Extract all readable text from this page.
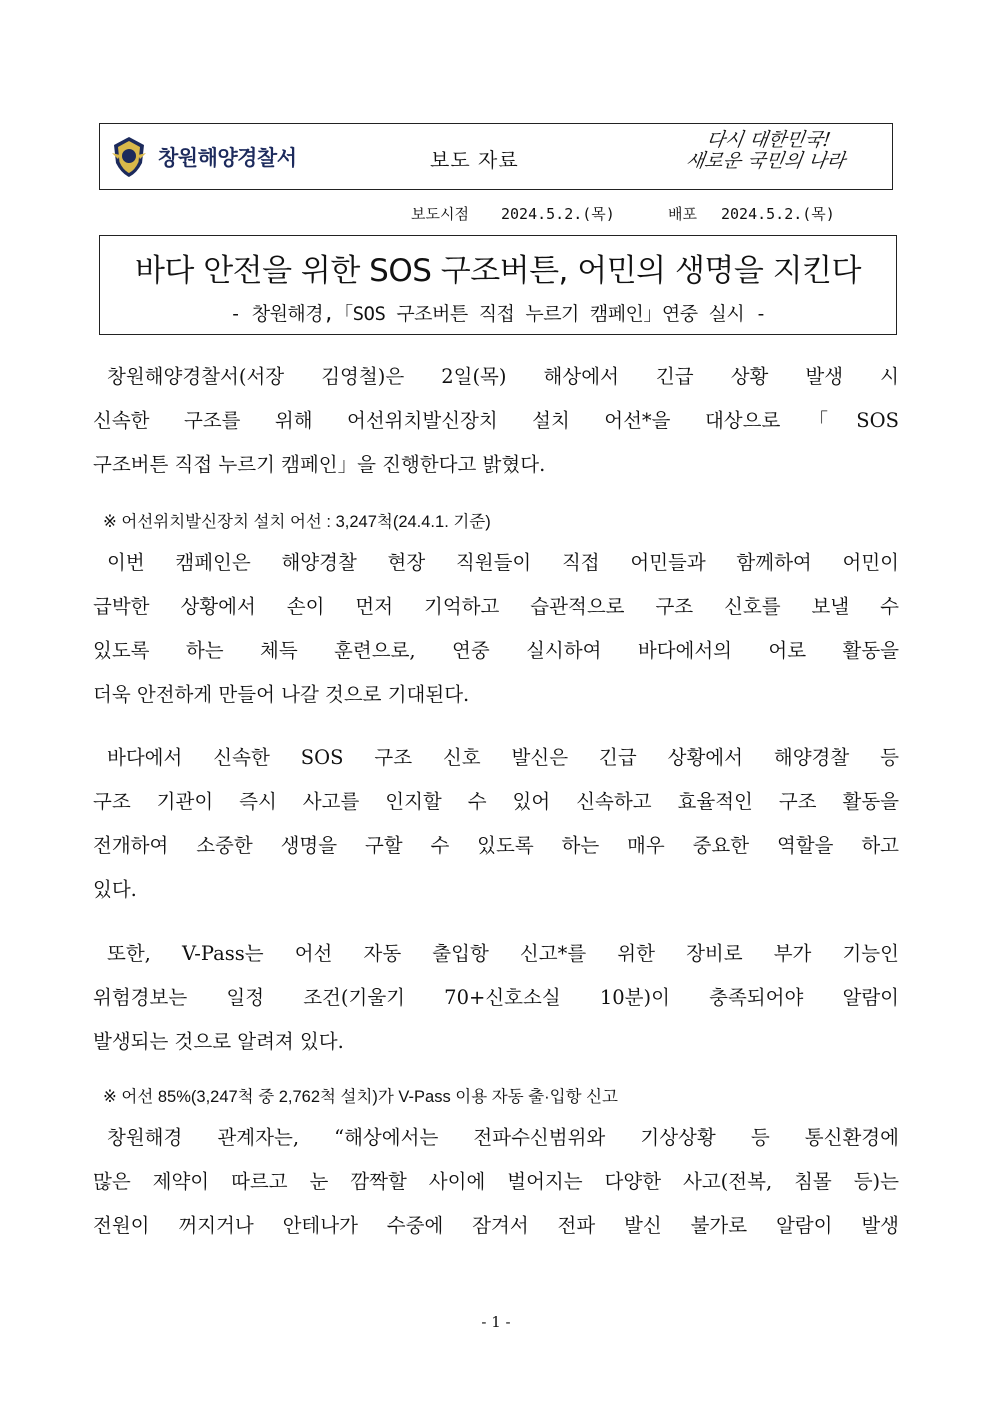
창원해양경찰서	보도 자료
다시 대한민국!
새로운 국민의 나라
보도시점 2024.5.2.(목)	배포 2024.5.2.(목)
바다 안전을 위한 SOS 구조버튼, 어민의 생명을 지킨다
- 창원해경,「SOS 구조버튼 직접 누르기 캠페인」연중 실시 -
창원해양경찰서(서장 김영철)은 2일(목) 해상에서 긴급 상황 발생 시
신속한 구조를 위해 어선위치발신장치 설치 어선*을 대상으로「SOS
구조버튼 직접 누르기 캠페인」을 진행한다고 밝혔다.
※ 어선위치발신장치 설치 어선 : 3,247척(24.4.1. 기준)
이번 캠페인은 해양경찰 현장 직원들이 직접 어민들과 함께하여 어민이
급박한 상황에서 손이 먼저 기억하고 습관적으로 구조 신호를 보낼 수
있도록 하는 체득 훈련으로, 연중 실시하여 바다에서의 어로 활동을
더욱 안전하게 만들어 나갈 것으로 기대된다.
바다에서 신속한 SOS 구조 신호 발신은 긴급 상황에서 해양경찰 등
구조 기관이 즉시 사고를 인지할 수 있어 신속하고 효율적인 구조 활동을
전개하여 소중한 생명을 구할 수 있도록 하는 매우 중요한 역할을 하고
있다.
또한, V-Pass는 어선 자동 출입항 신고*를 위한 장비로 부가 기능인
위험경보는 일정 조건(기울기 70+신호소실 10분)이 충족되어야 알람이
발생되는 것으로 알려져 있다.
※ 어선 85%(3,247척 중 2,762척 설치)가 V-Pass 이용 자동 출·입항 신고
창원해경 관계자는, “해상에서는 전파수신범위와 기상상황 등 통신환경에
많은 제약이 따르고 눈 깜짝할 사이에 벌어지는 다양한 사고(전복, 침몰 등)는
전원이 꺼지거나 안테나가 수중에 잠겨서 전파 발신 불가로 알람이 발생
- 1 -
